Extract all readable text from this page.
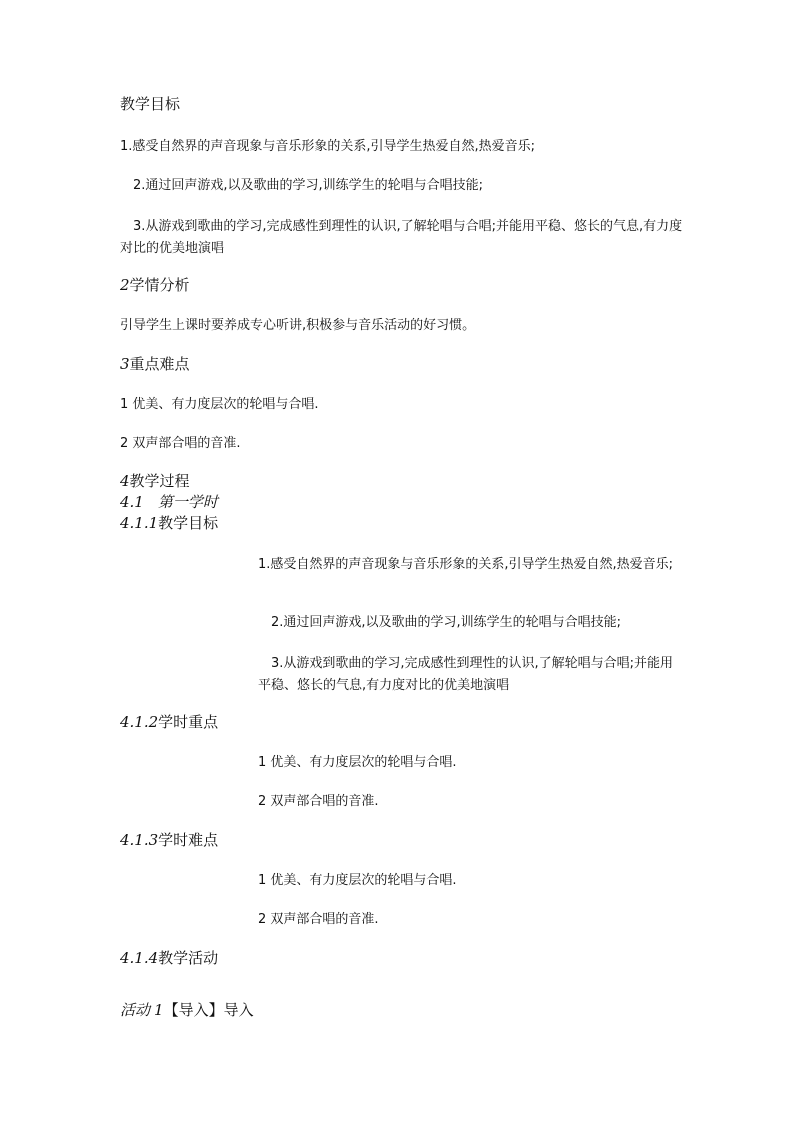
教学目标
1.感受自然界的声音现象与音乐形象的关系,引导学生热爱自然,热爱音乐;
2.通过回声游戏,以及歌曲的学习,训练学生的轮唱与合唱技能;
3.从游戏到歌曲的学习,完成感性到理性的认识,了解轮唱与合唱;并能用平稳、悠长的气息,有力度对比的优美地演唱
2学情分析
引导学生上课时要养成专心听讲,积极参与音乐活动的好习惯。
3重点难点
1 优美、有力度层次的轮唱与合唱.
2 双声部合唱的音准.
4教学过程
4.1 第一学时
4.1.1教学目标
1.感受自然界的声音现象与音乐形象的关系,引导学生热爱自然,热爱音乐;
2.通过回声游戏,以及歌曲的学习,训练学生的轮唱与合唱技能;
3.从游戏到歌曲的学习,完成感性到理性的认识,了解轮唱与合唱;并能用平稳、悠长的气息,有力度对比的优美地演唱
4.1.2学时重点
1 优美、有力度层次的轮唱与合唱.
2 双声部合唱的音准.
4.1.3学时难点
1 优美、有力度层次的轮唱与合唱.
2 双声部合唱的音准.
4.1.4教学活动
活动 1【导入】导入
